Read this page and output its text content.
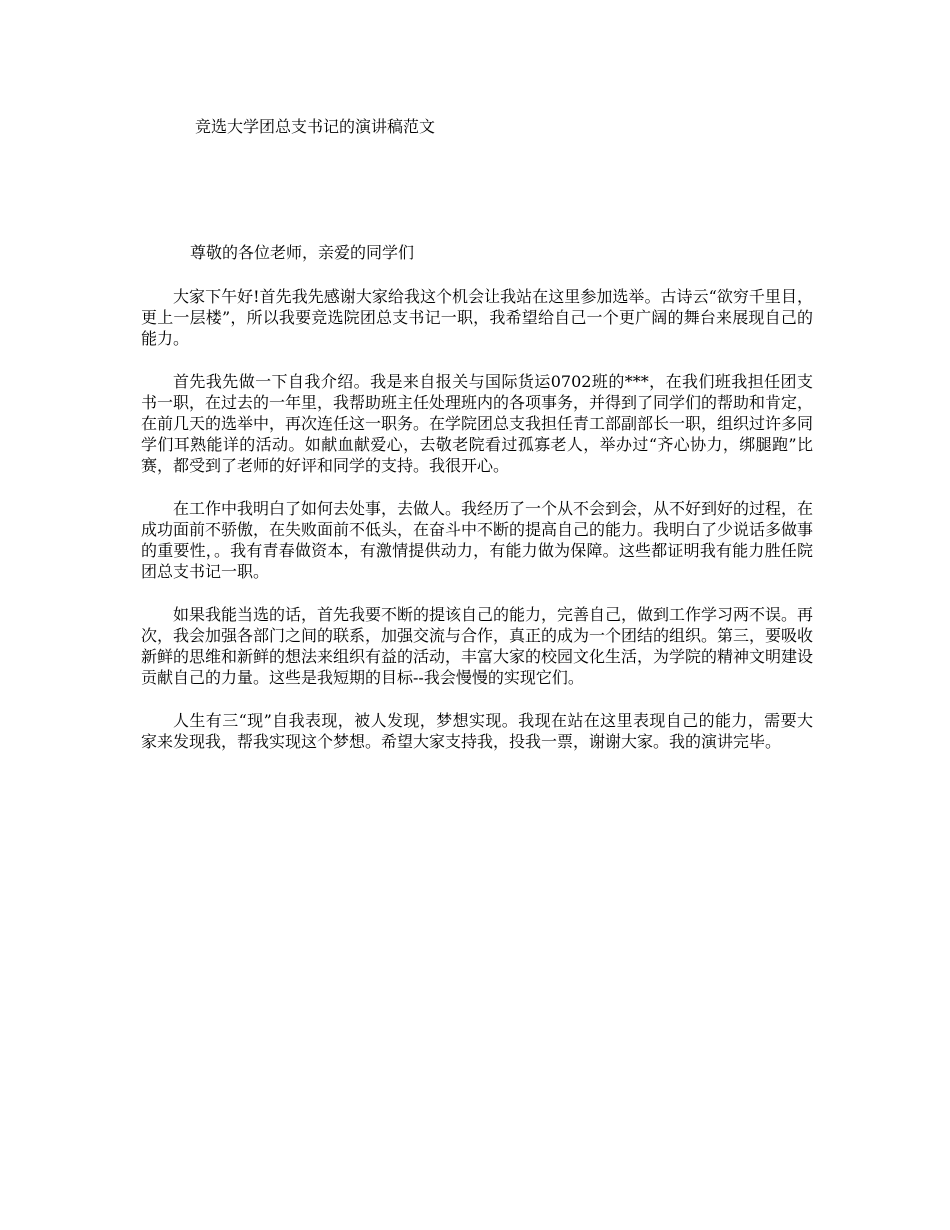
竞选大学团总支书记的演讲稿范文
尊敬的各位老师，亲爱的同学们

大家下午好!首先我先感谢大家给我这个机会让我站在这里参加选举。古诗云“欲穷千里目，更上一层楼”，所以我要竞选院团总支书记一职，我希望给自己一个更广阔的舞台来展现自己的能力。

首先我先做一下自我介绍。我是来自报关与国际货运0702班的***，在我们班我担任团支书一职，在过去的一年里，我帮助班主任处理班内的各项事务，并得到了同学们的帮助和肯定，在前几天的选举中，再次连任这一职务。在学院团总支我担任青工部副部长一职，组织过许多同学们耳熟能详的活动。如献血献爱心，去敬老院看过孤寡老人，举办过“齐心协力，绑腿跑”比赛，都受到了老师的好评和同学的支持。我很开心。

在工作中我明白了如何去处事，去做人。我经历了一个从不会到会，从不好到好的过程，在成功面前不骄傲，在失败面前不低头，在奋斗中不断的提高自己的能力。我明白了少说话多做事的重要性，。我有青春做资本，有激情提供动力，有能力做为保障。这些都证明我有能力胜任院团总支书记一职。

如果我能当选的话，首先我要不断的提该自己的能力，完善自己，做到工作学习两不误。再次，我会加强各部门之间的联系，加强交流与合作，真正的成为一个团结的组织。第三，要吸收新鲜的思维和新鲜的想法来组织有益的活动，丰富大家的校园文化生活，为学院的精神文明建设贡献自己的力量。这些是我短期的目标--我会慢慢的实现它们。

人生有三“现”自我表现，被人发现，梦想实现。我现在站在这里表现自己的能力，需要大家来发现我，帮我实现这个梦想。希望大家支持我，投我一票，谢谢大家。我的演讲完毕。
